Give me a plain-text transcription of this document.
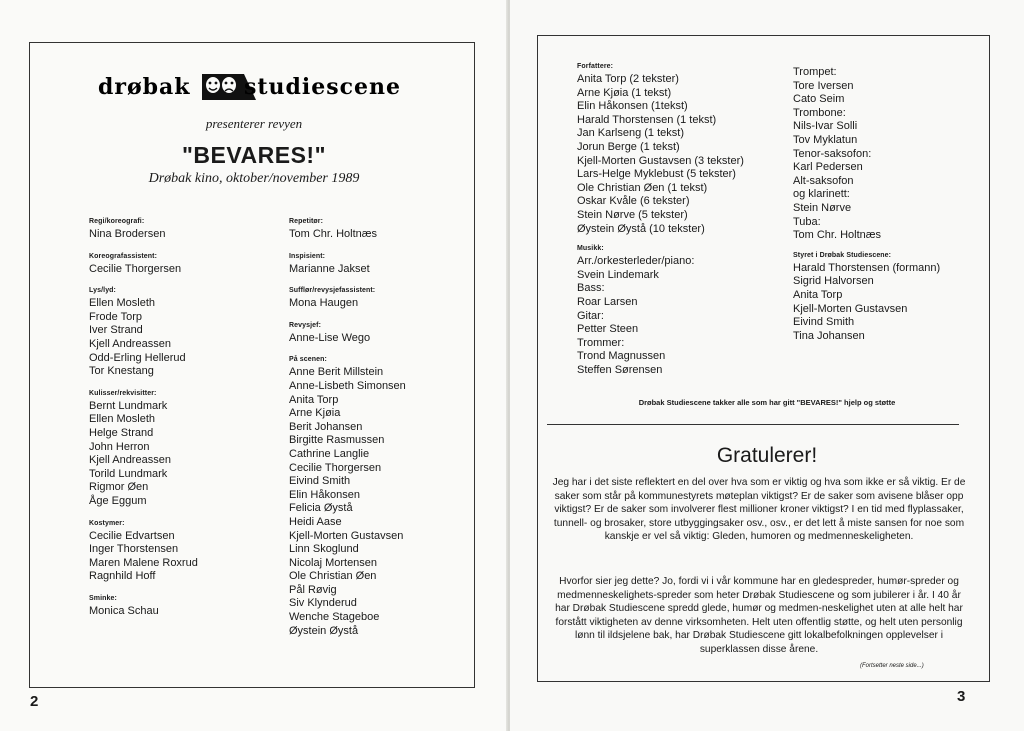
drøbak studiescene
presenterer revyen
"BEVARES!"
Drøbak kino, oktober/november 1989
Regi/koreografi:
Nina Brodersen
Koreografassistent:
Cecilie Thorgersen
Lys/lyd:
Ellen Mosleth
Frode Torp
Iver Strand
Kjell Andreassen
Odd-Erling Hellerud
Tor Knestang
Kulisser/rekvisitter:
Bernt Lundmark
Ellen Mosleth
Helge Strand
John Herron
Kjell Andreassen
Torild Lundmark
Rigmor Øen
Åge Eggum
Kostymer:
Cecilie Edvartsen
Inger Thorstensen
Maren Malene Roxrud
Ragnhild Hoff
Sminke:
Monica Schau
Repetitør:
Tom Chr. Holtnæs
Inspisient:
Marianne Jakset
Sufflør/revysjefassistent:
Mona Haugen
Revysjef:
Anne-Lise Wego
På scenen:
Anne Berit Millstein
Anne-Lisbeth Simonsen
Anita Torp
Arne Kjøia
Berit Johansen
Birgitte Rasmussen
Cathrine Langlie
Cecilie Thorgersen
Eivind Smith
Elin Håkonsen
Felicia Øystå
Heidi Aase
Kjell-Morten Gustavsen
Linn Skoglund
Nicolaj Mortensen
Ole Christian Øen
Pål Røvig
Siv Klynderud
Wenche Stageboe
Øystein Øystå
2
Forfattere:
Anita Torp (2 tekster)
Arne Kjøia (1 tekst)
Elin Håkonsen (1tekst)
Harald Thorstensen (1 tekst)
Jan Karlseng (1 tekst)
Jorun Berge (1 tekst)
Kjell-Morten Gustavsen (3 tekster)
Lars-Helge Myklebust (5 tekster)
Ole Christian Øen (1 tekst)
Oskar Kvåle (6 tekster)
Stein Nørve (5 tekster)
Øystein Øystå (10 tekster)
Musikk:
Arr./orkesterleder/piano:
Svein Lindemark
Bass:
Roar Larsen
Gitar:
Petter Steen
Trommer:
Trond Magnussen
Steffen Sørensen
Trompet:
Tore Iversen
Cato Seim
Trombone:
Nils-Ivar Solli
Tov Myklatun
Tenor-saksofon:
Karl Pedersen
Alt-saksofon
og klarinett:
Stein Nørve
Tuba:
Tom Chr. Holtnæs
Styret i Drøbak Studiescene:
Harald Thorstensen (formann)
Sigrid Halvorsen
Anita Torp
Kjell-Morten Gustavsen
Eivind Smith
Tina Johansen
Drøbak Studiescene takker alle som har gitt "BEVARES!" hjelp og støtte
Gratulerer!
Jeg har i det siste reflektert en del over hva som er viktig og hva som ikke er så viktig. Er de saker som står på kommunestyrets møteplan viktigst? Er de saker som avisene blåser opp viktigst? Er de saker som involverer flest millioner kroner viktigst? I en tid med flyplassaker, tunnell- og brosaker, store utbyggingsaker osv., osv., er det lett å miste sansen for noe som kanskje er vel så viktig: Gleden, humoren og medmenneskeligheten.
Hvorfor sier jeg dette? Jo, fordi vi i vår kommune har en gledespreder, humør-spreder og medmenneskelighets-spreder som heter Drøbak Studiescene og som jubilerer i år. I 40 år har Drøbak Studiescene spredd glede, humør og medmen-neskelighet uten at alle helt har forstått viktigheten av denne virksomheten. Helt uten offentlig støtte, og helt uten personlig lønn til ildsjelene bak, har Drøbak Studiescene gitt lokalbefolkningen opplevelser i superklassen disse årene.
(Fortsetter neste side...)
3
